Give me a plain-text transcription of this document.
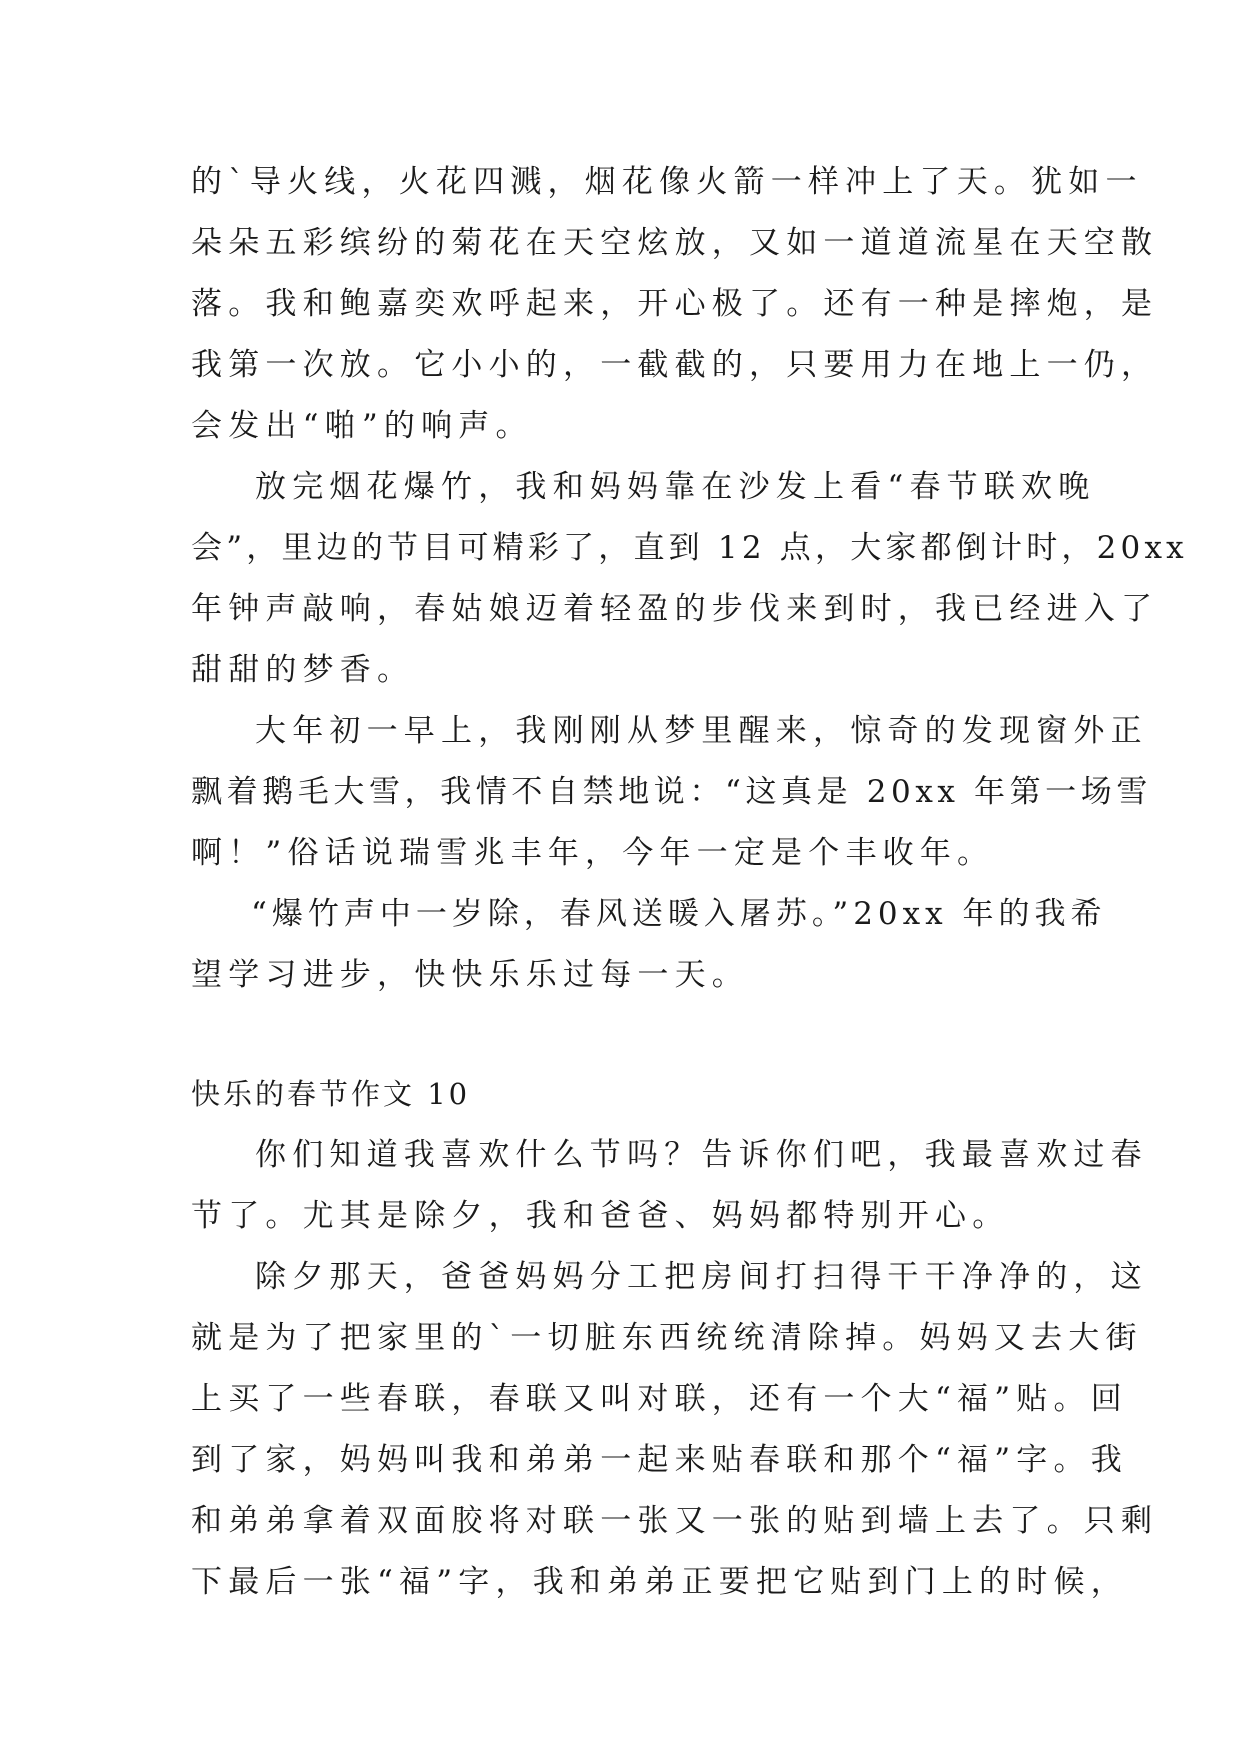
的`导火线，火花四溅，烟花像火箭一样冲上了天。犹如一
朵朵五彩缤纷的菊花在天空炫放，又如一道道流星在天空散
落。我和鲍嘉奕欢呼起来，开心极了。还有一种是摔炮，是
我第一次放。它小小的，一截截的，只要用力在地上一仍，
会发出“啪”的响声。
放完烟花爆竹，我和妈妈靠在沙发上看“春节联欢晚
会”，里边的节目可精彩了，直到 12 点，大家都倒计时，20xx
年钟声敲响，春姑娘迈着轻盈的步伐来到时，我已经进入了
甜甜的梦香。
大年初一早上，我刚刚从梦里醒来，惊奇的发现窗外正
飘着鹅毛大雪，我情不自禁地说：“这真是 20xx 年第一场雪
啊！”俗话说瑞雪兆丰年，今年一定是个丰收年。
“爆竹声中一岁除，春风送暖入屠苏。”20xx 年的我希
望学习进步，快快乐乐过每一天。
快乐的春节作文 10
你们知道我喜欢什么节吗？告诉你们吧，我最喜欢过春
节了。尤其是除夕，我和爸爸、妈妈都特别开心。
除夕那天，爸爸妈妈分工把房间打扫得干干净净的，这
就是为了把家里的`一切脏东西统统清除掉。妈妈又去大街
上买了一些春联，春联又叫对联，还有一个大“福”贴。回
到了家，妈妈叫我和弟弟一起来贴春联和那个“福”字。我
和弟弟拿着双面胶将对联一张又一张的贴到墙上去了。只剩
下最后一张“福”字，我和弟弟正要把它贴到门上的时候，
